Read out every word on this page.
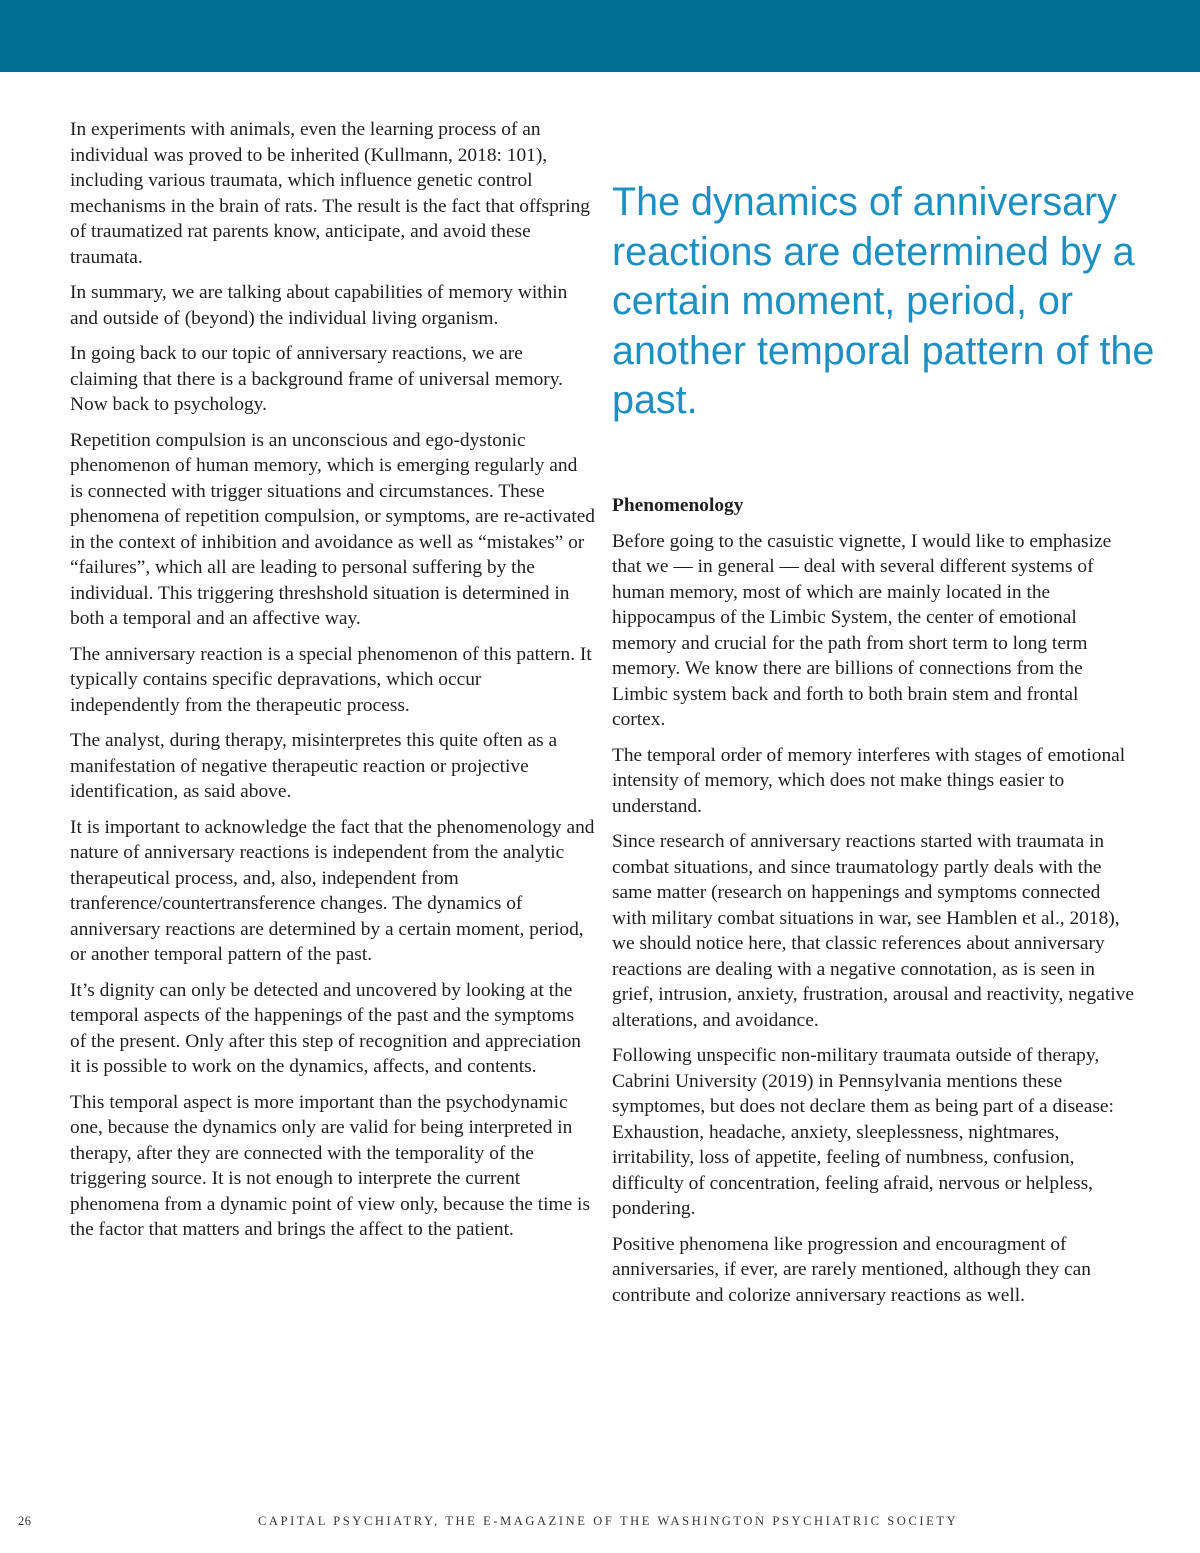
In experiments with animals, even the learning process of an individual was proved to be inherited (Kullmann, 2018: 101), including various traumata, which influence genetic control mechanisms in the brain of rats. The result is the fact that offspring of traumatized rat parents know, anticipate, and avoid these traumata.

In summary, we are talking about capabilities of memory within and outside of (beyond) the individual living organism.

In going back to our topic of anniversary reactions, we are claiming that there is a background frame of universal memory. Now back to psychology.

Repetition compulsion is an unconscious and ego-dystonic phenomenon of human memory, which is emerging regularly and is connected with trigger situations and circumstances. These phenomena of repetition compulsion, or symptoms, are re-activated in the context of inhibition and avoidance as well as “mistakes” or “failures”, which all are leading to personal suffering by the individual. This triggering threshshold situation is determined in both a temporal and an affective way.

The anniversary reaction is a special phenomenon of this pattern. It typically contains specific depravations, which occur independently from the therapeutic process.

The analyst, during therapy, misinterpretes this quite often as a manifestation of negative therapeutic reaction or projective identification, as said above.

It is important to acknowledge the fact that the phenomenology and nature of anniversary reactions is independent from the analytic therapeutical process, and, also, independent from tranference/countertransference changes. The dynamics of anniversary reactions are determined by a certain moment, period, or another temporal pattern of the past.

It’s dignity can only be detected and uncovered by looking at the temporal aspects of the happenings of the past and the symptoms of the present. Only after this step of recognition and appreciation it is possible to work on the dynamics, affects, and contents.

This temporal aspect is more important than the psychodynamic one, because the dynamics only are valid for being interpreted in therapy, after they are connected with the temporality of the triggering source. It is not enough to interprete the current phenomena from a dynamic point of view only, because the time is the factor that matters and brings the affect to the patient.

The dynamics of anniversary reactions are determined by a certain moment, period, or another temporal pattern of the past.

Phenomenology

Before going to the casuistic vignette, I would like to emphasize that we — in general — deal with several different systems of human memory, most of which are mainly located in the hippocampus of the Limbic System, the center of emotional memory and crucial for the path from short term to long term memory. We know there are billions of connections from the Limbic system back and forth to both brain stem and frontal cortex.

The temporal order of memory interferes with stages of emotional intensity of memory, which does not make things easier to understand.

Since research of anniversary reactions started with traumata in combat situations, and since traumatology partly deals with the same matter (research on happenings and symptoms connected with military combat situations in war, see Hamblen et al., 2018), we should notice here, that classic references about anniversary reactions are dealing with a negative connotation, as is seen in grief, intrusion, anxiety, frustration, arousal and reactivity, negative alterations, and avoidance.

Following unspecific non-military traumata outside of therapy, Cabrini University (2019) in Pennsylvania mentions these symptomes, but does not declare them as being part of a disease: Exhaustion, headache, anxiety, sleeplessness, nightmares, irritability, loss of appetite, feeling of numbness, confusion, difficulty of concentration, feeling afraid, nervous or helpless, pondering.

Positive phenomena like progression and encouragment of anniversaries, if ever, are rarely mentioned, although they can contribute and colorize anniversary reactions as well.

26	CAPITAL PSYCHIATRY, THE E-MAGAZINE OF THE WASHINGTON PSYCHIATRIC SOCIETY
